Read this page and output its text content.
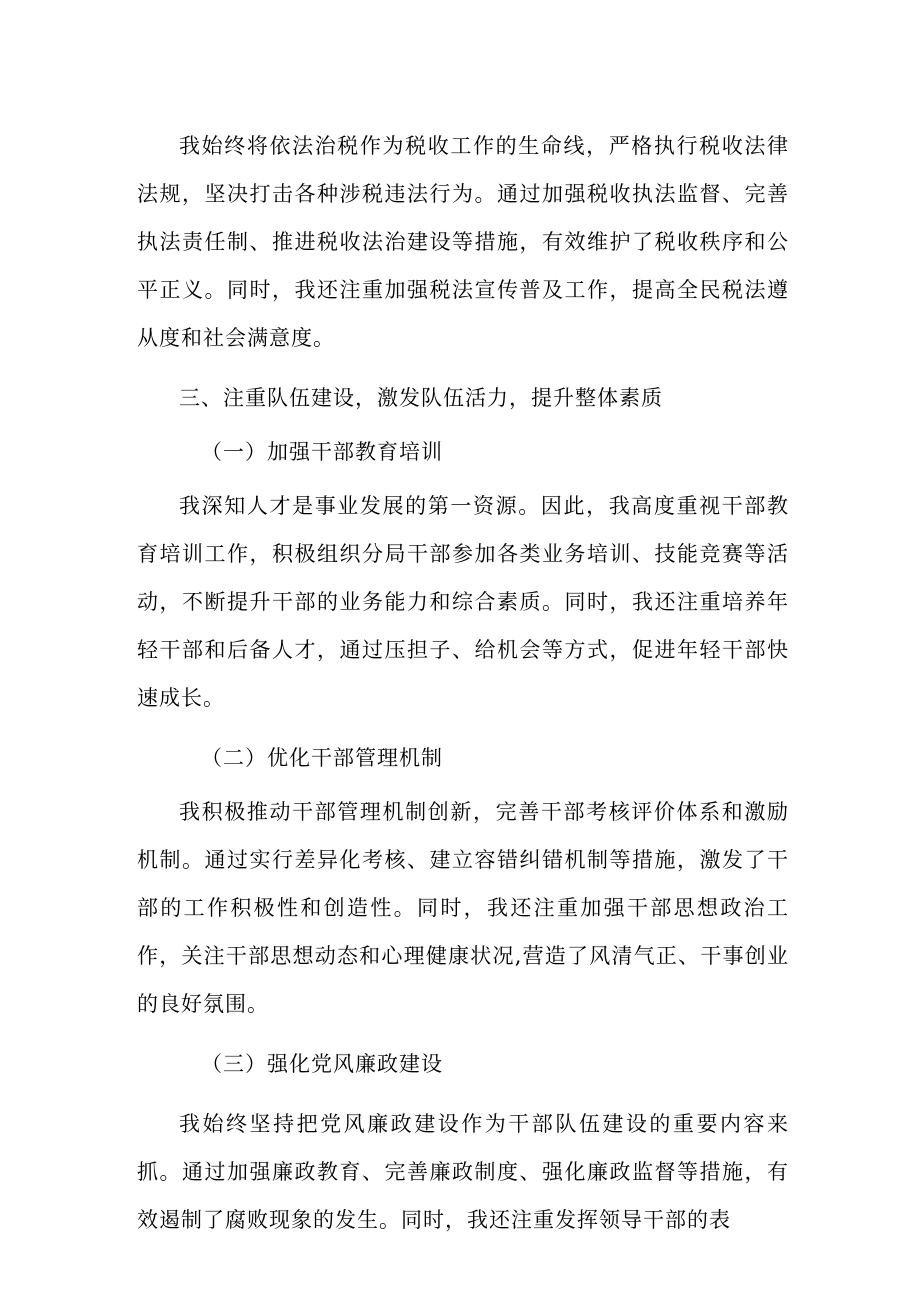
我始终将依法治税作为税收工作的生命线，严格执行税收法律法规，坚决打击各种涉税违法行为。通过加强税收执法监督、完善执法责任制、推进税收法治建设等措施，有效维护了税收秩序和公平正义。同时，我还注重加强税法宣传普及工作，提高全民税法遵从度和社会满意度。

三、注重队伍建设，激发队伍活力，提升整体素质

（一）加强干部教育培训

我深知人才是事业发展的第一资源。因此，我高度重视干部教育培训工作，积极组织分局干部参加各类业务培训、技能竞赛等活动，不断提升干部的业务能力和综合素质。同时，我还注重培养年轻干部和后备人才，通过压担子、给机会等方式，促进年轻干部快速成长。

（二）优化干部管理机制

我积极推动干部管理机制创新，完善干部考核评价体系和激励机制。通过实行差异化考核、建立容错纠错机制等措施，激发了干部的工作积极性和创造性。同时，我还注重加强干部思想政治工作，关注干部思想动态和心理健康状况,营造了风清气正、干事创业的良好氛围。

（三）强化党风廉政建设

我始终坚持把党风廉政建设作为干部队伍建设的重要内容来抓。通过加强廉政教育、完善廉政制度、强化廉政监督等措施，有效遏制了腐败现象的发生。同时，我还注重发挥领导干部的表
